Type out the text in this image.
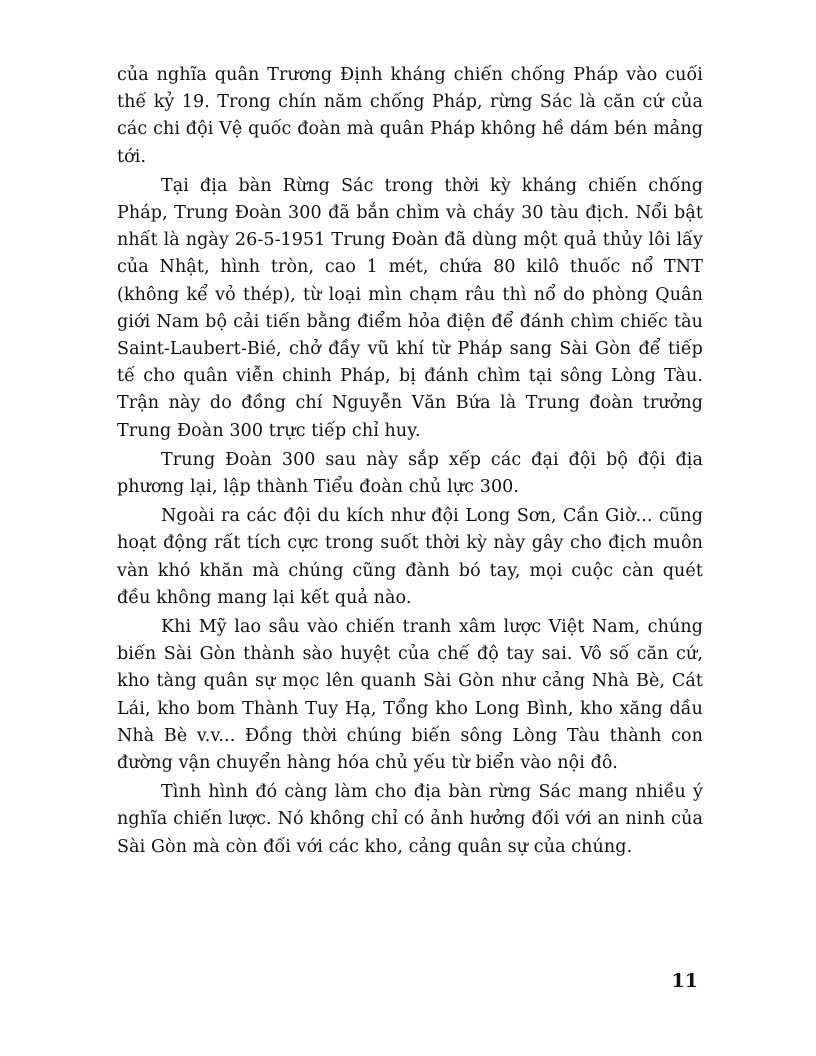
của nghĩa quân Trương Định kháng chiến chống Pháp vào cuối thế kỷ 19. Trong chín năm chống Pháp, rừng Sác là căn cứ của các chi đội Vệ quốc đoàn mà quân Pháp không hề dám bén mảng tới.

Tại địa bàn Rừng Sác trong thời kỳ kháng chiến chống Pháp, Trung Đoàn 300 đã bắn chìm và cháy 30 tàu địch. Nổi bật nhất là ngày 26-5-1951 Trung Đoàn đã dùng một quả thủy lôi lấy của Nhật, hình tròn, cao 1 mét, chứa 80 kilô thuốc nổ TNT (không kể vỏ thép), từ loại mìn chạm râu thì nổ do phòng Quân giới Nam bộ cải tiến bằng điểm hỏa điện để đánh chìm chiếc tàu Saint-Laubert-Bié, chở đầy vũ khí từ Pháp sang Sài Gòn để tiếp tế cho quân viễn chinh Pháp, bị đánh chìm tại sông Lòng Tàu. Trận này do đồng chí Nguyễn Văn Bứa là Trung đoàn trưởng Trung Đoàn 300 trực tiếp chỉ huy.

Trung Đoàn 300 sau này sắp xếp các đại đội bộ đội địa phương lại, lập thành Tiểu đoàn chủ lực 300.

Ngoài ra các đội du kích như đội Long Sơn, Cần Giờ... cũng hoạt động rất tích cực trong suốt thời kỳ này gây cho địch muôn vàn khó khăn mà chúng cũng đành bó tay, mọi cuộc càn quét đều không mang lại kết quả nào.

Khi Mỹ lao sâu vào chiến tranh xâm lược Việt Nam, chúng biến Sài Gòn thành sào huyệt của chế độ tay sai. Vô số căn cứ, kho tàng quân sự mọc lên quanh Sài Gòn như cảng Nhà Bè, Cát Lái, kho bom Thành Tuy Hạ, Tổng kho Long Bình, kho xăng dầu Nhà Bè v.v... Đồng thời chúng biến sông Lòng Tàu thành con đường vận chuyển hàng hóa chủ yếu từ biển vào nội đô.

Tình hình đó càng làm cho địa bàn rừng Sác mang nhiều ý nghĩa chiến lược. Nó không chỉ có ảnh hưởng đối với an ninh của Sài Gòn mà còn đối với các kho, cảng quân sự của chúng.

11
